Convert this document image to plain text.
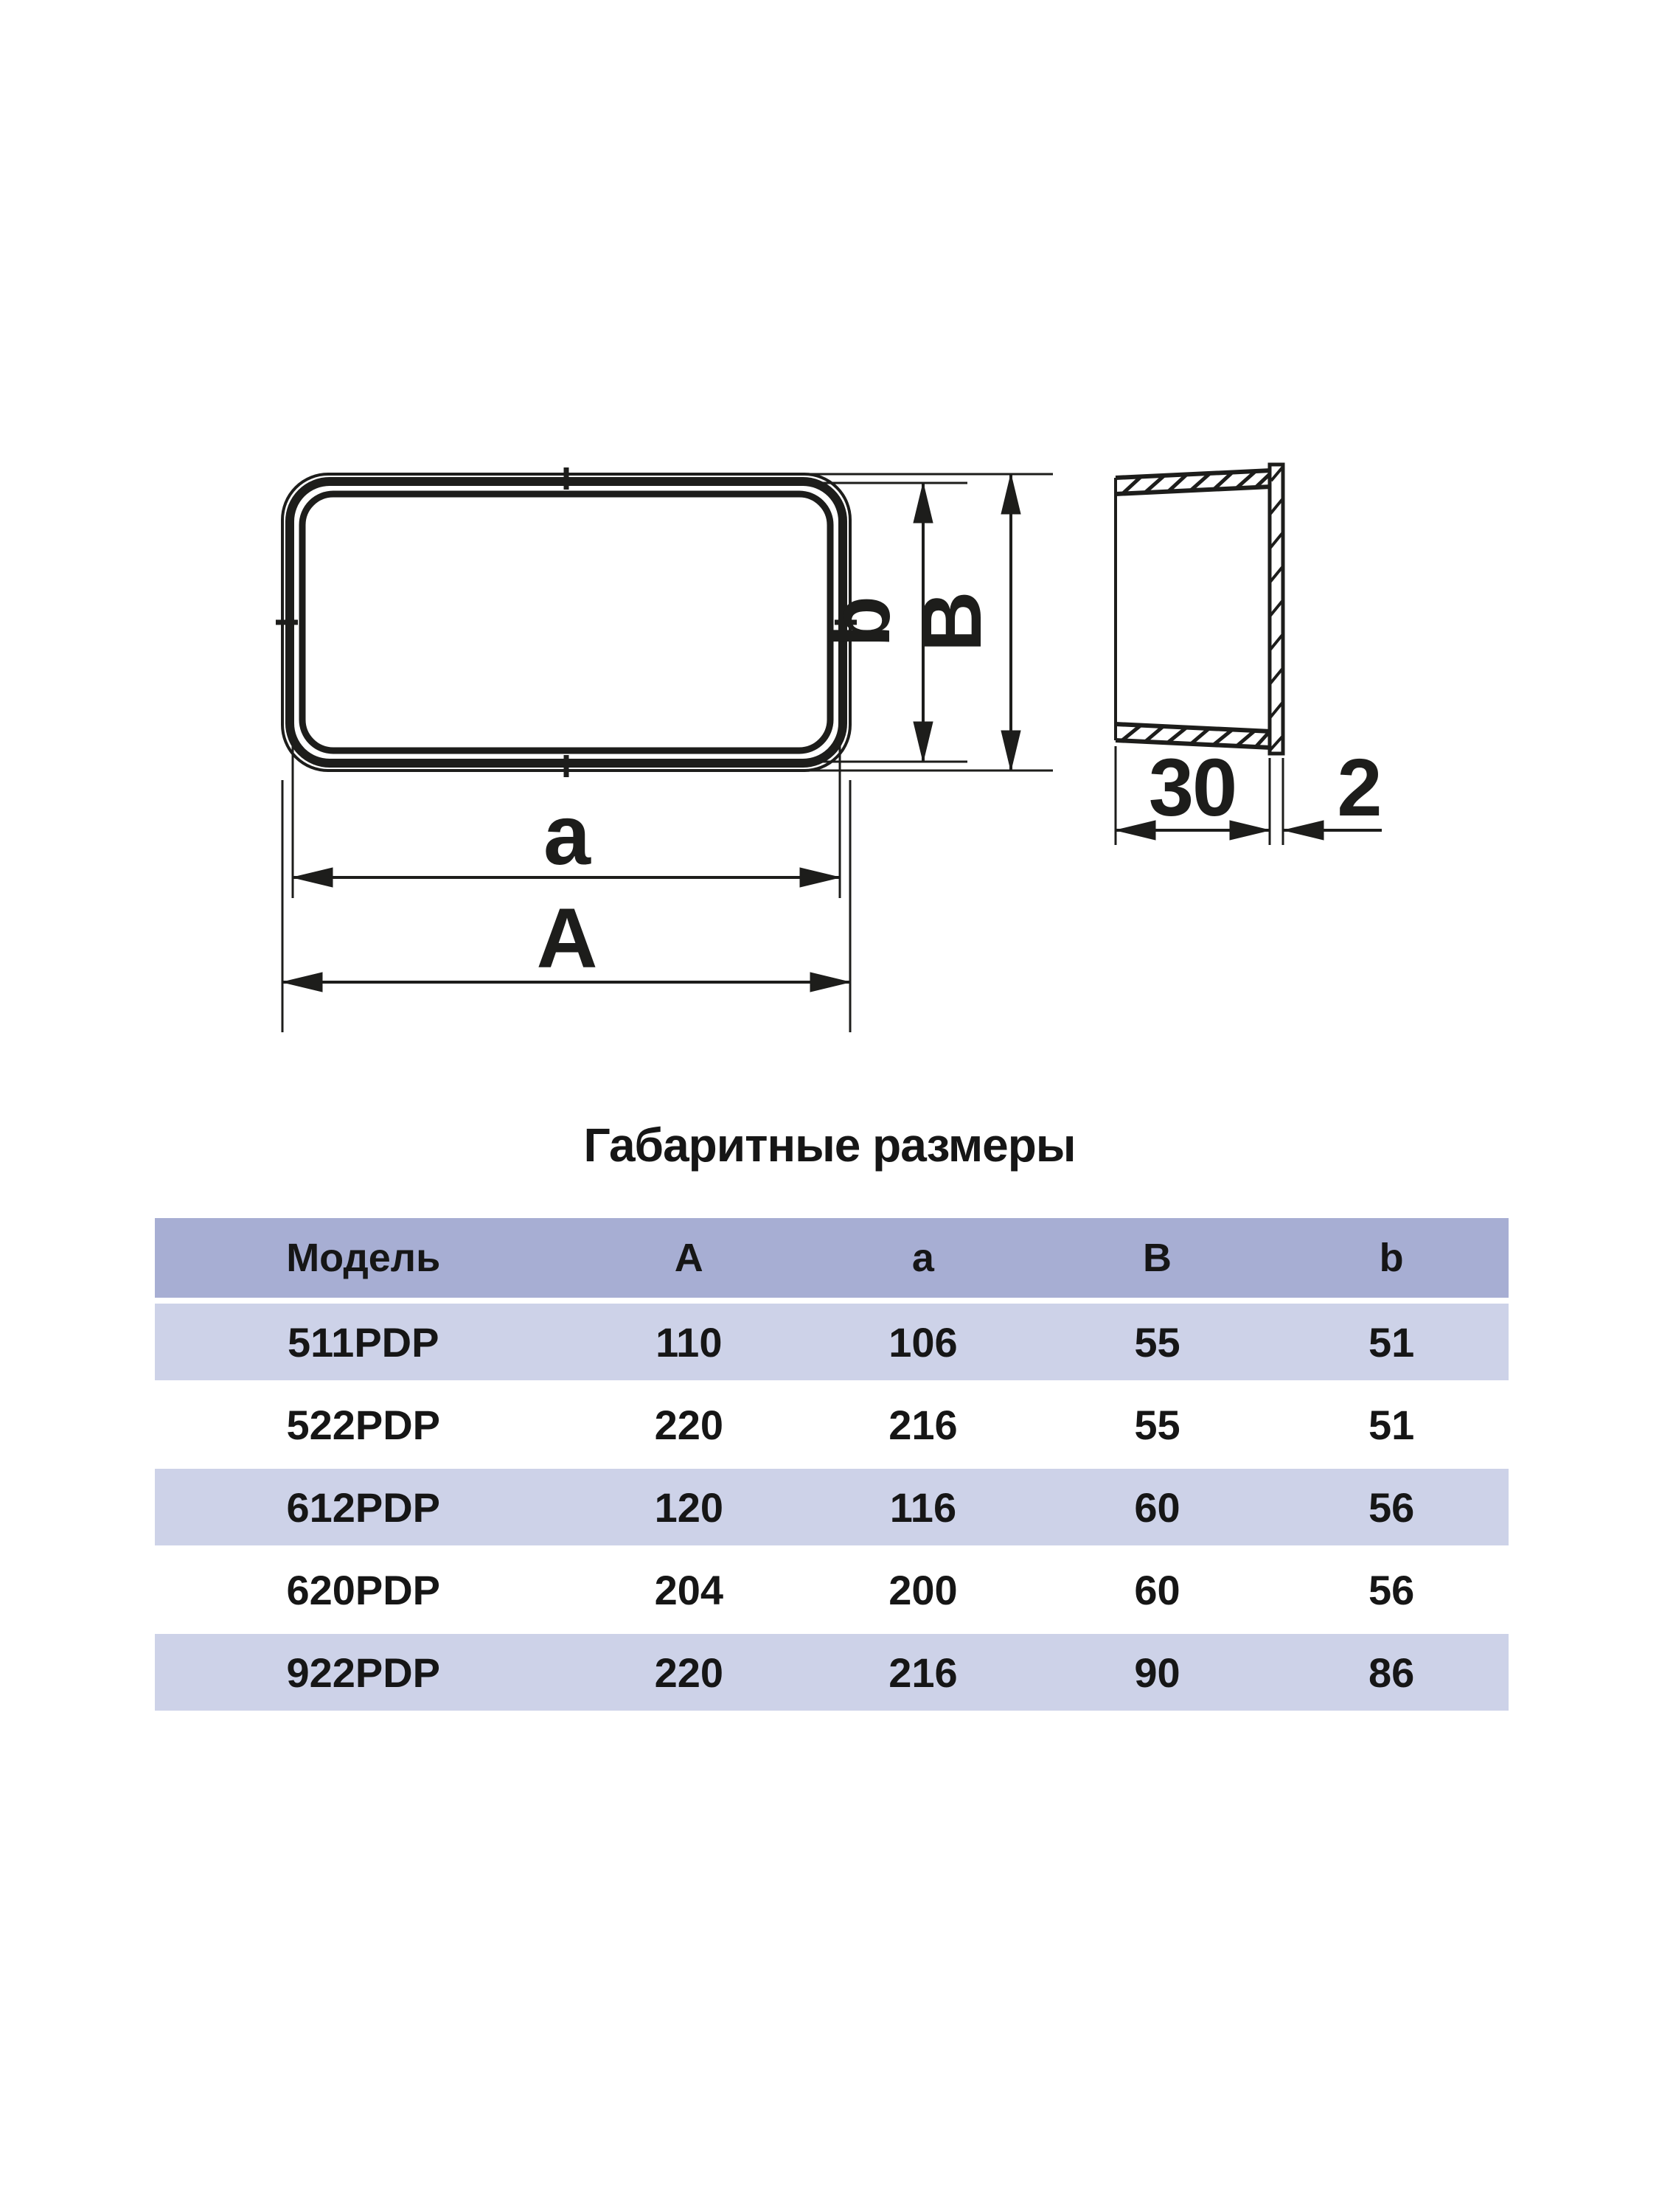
a
A
b
B
30 2
Габаритные размеры
Модель	A	a	B	b
511PDP	110	106	55	51
522PDP	220	216	55	51
612PDP	120	116	60	56
620PDP	204	200	60	56
922PDP	220	216	90	86
